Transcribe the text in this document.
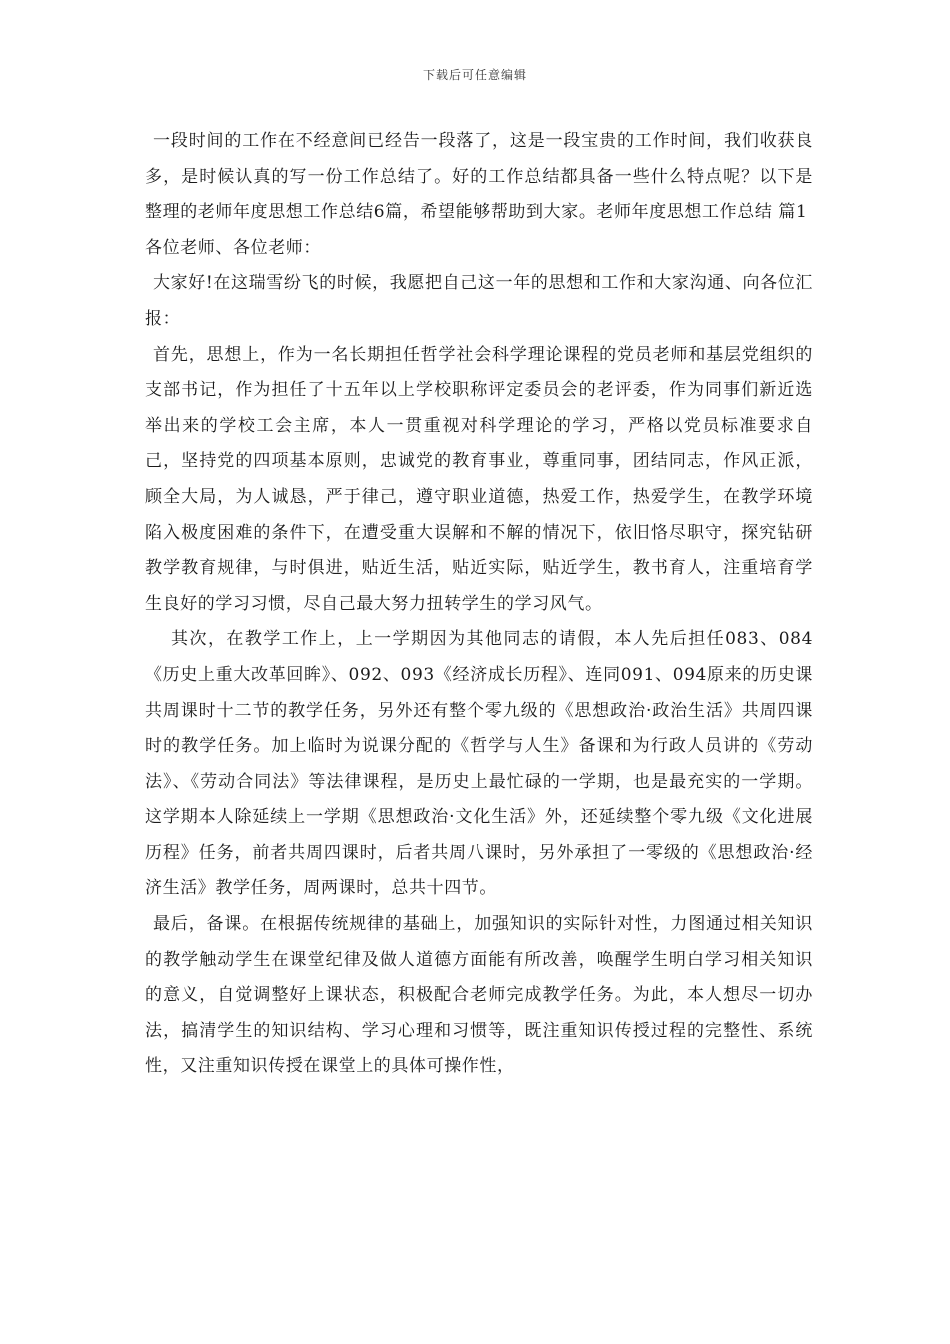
下载后可任意编辑

一段时间的工作在不经意间已经告一段落了，这是一段宝贵的工作时间，我们收获良多，是时候认真的写一份工作总结了。好的工作总结都具备一些什么特点呢？以下是整理的老师年度思想工作总结6篇，希望能够帮助到大家。老师年度思想工作总结 篇1

各位老师、各位老师：

大家好!在这瑞雪纷飞的时候，我愿把自己这一年的思想和工作和大家沟通、向各位汇报：

首先，思想上，作为一名长期担任哲学社会科学理论课程的党员老师和基层党组织的支部书记，作为担任了十五年以上学校职称评定委员会的老评委，作为同事们新近选举出来的学校工会主席，本人一贯重视对科学理论的学习，严格以党员标准要求自己，坚持党的四项基本原则，忠诚党的教育事业，尊重同事，团结同志，作风正派，顾全大局，为人诚恳，严于律己，遵守职业道德，热爱工作，热爱学生，在教学环境陷入极度困难的条件下，在遭受重大误解和不解的情况下，依旧恪尽职守，探究钻研教学教育规律，与时俱进，贴近生活，贴近实际，贴近学生，教书育人，注重培育学生良好的学习习惯，尽自己最大努力扭转学生的学习风气。

其次，在教学工作上，上一学期因为其他同志的请假，本人先后担任083、084《历史上重大改革回眸》、092、093《经济成长历程》、连同091、094原来的历史课共周课时十二节的教学任务，另外还有整个零九级的《思想政治·政治生活》共周四课时的教学任务。加上临时为说课分配的《哲学与人生》备课和为行政人员讲的《劳动法》、《劳动合同法》等法律课程，是历史上最忙碌的一学期，也是最充实的一学期。这学期本人除延续上一学期《思想政治·文化生活》外，还延续整个零九级《文化进展历程》任务，前者共周四课时，后者共周八课时，另外承担了一零级的《思想政治·经济生活》教学任务，周两课时，总共十四节。

最后，备课。在根据传统规律的基础上，加强知识的实际针对性，力图通过相关知识的教学触动学生在课堂纪律及做人道德方面能有所改善，唤醒学生明白学习相关知识的意义，自觉调整好上课状态，积极配合老师完成教学任务。为此，本人想尽一切办法，搞清学生的知识结构、学习心理和习惯等，既注重知识传授过程的完整性、系统性，又注重知识传授在课堂上的具体可操作性，
